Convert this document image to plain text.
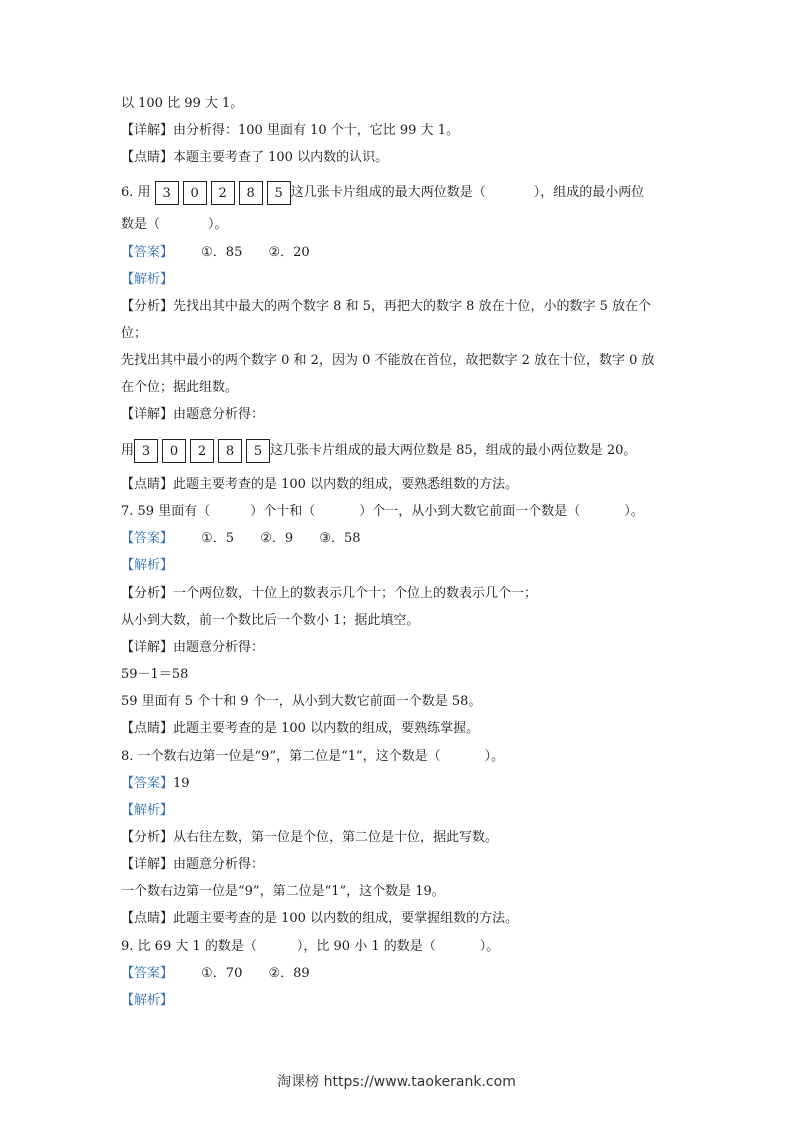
以 100 比 99 大 1。
【详解】由分析得：100 里面有 10 个十，它比 99 大 1。
【点睛】本题主要考查了 100 以内数的认识。
6. 用 3	0	2	8	5 这几张卡片组成的最大两位数是（	），组成的最小两位
数是（	）。
【答案】 ①．85 ②．20
【解析】
【分析】先找出其中最大的两个数字 8 和 5，再把大的数字 8 放在十位，小的数字 5 放在个
位；
先找出其中最小的两个数字 0 和 2，因为 0 不能放在首位，故把数字 2 放在十位，数字 0 放
在个位；据此组数。
【详解】由题意分析得：
用 3	0	2	8	5 这几张卡片组成的最大两位数是 85，组成的最小两位数是 20。
【点睛】此题主要考查的是 100 以内数的组成，要熟悉组数的方法。
7. 59 里面有（	）个十和（	）个一，从小到大数它前面一个数是（	）。
【答案】 ①．5 ②．9 ③．58
【解析】
【分析】一个两位数，十位上的数表示几个十；个位上的数表示几个一；
从小到大数，前一个数比后一个数小 1；据此填空。
【详解】由题意分析得：
59－1＝58
59 里面有 5 个十和 9 个一，从小到大数它前面一个数是 58。
【点睛】此题主要考查的是 100 以内数的组成，要熟练掌握。
8. 一个数右边第一位是“9”，第二位是“1”，这个数是（	）。
【答案】19
【解析】
【分析】从右往左数，第一位是个位，第二位是十位，据此写数。
【详解】由题意分析得：
一个数右边第一位是“9”，第二位是“1”，这个数是 19。
【点睛】此题主要考查的是 100 以内数的组成，要掌握组数的方法。
9. 比 69 大 1 的数是（	），比 90 小 1 的数是（	）。
【答案】 ①．70 ②．89
【解析】
淘课榜 https://www.taokerank.com
